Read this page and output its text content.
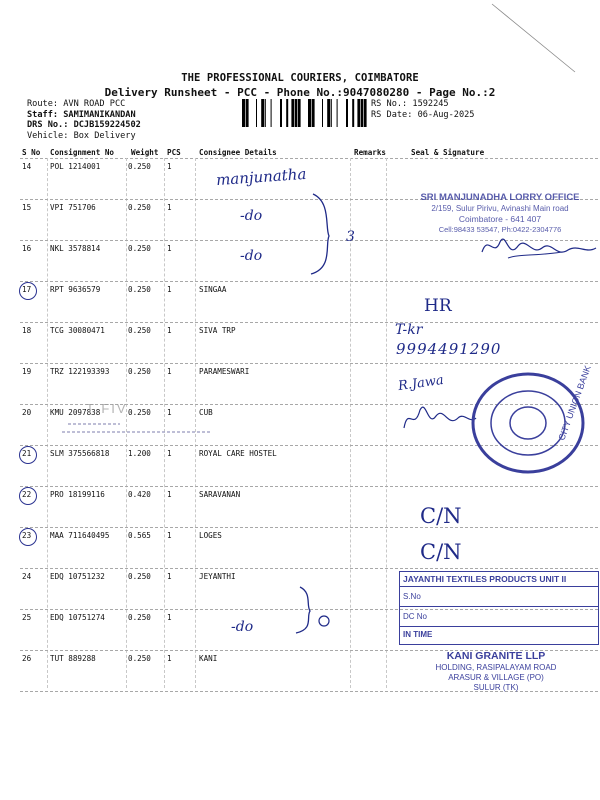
THE PROFESSIONAL COURIERS, COIMBATORE
Delivery Runsheet - PCC - Phone No.:9047080280 - Page No.:2
Route: AVN ROAD PCC
Staff: SAMIMANIKANDAN
DRS No.: DCJB159224502
Vehicle: Box Delivery
RS No.: 1592245
RS Date: 06-Aug-2025
S No Consignment No Weight PCS Consignee Details	Remarks	Seal & Signature
14 POL 1214001	0.250 1
15 VPI 751706	0.250 1
16 NKL 3578814	0.250 1
17 RPT 9636579	0.250 1	SINGAA
18 TCG 30080471	0.250 1	SIVA TRP
19 TRZ 122193393 0.250 1	PARAMESWARI
20 KMU 2097838	0.250 1	CUB
21 SLM 375566818 1.200 1	ROYAL CARE HOSTEL
22 PRO 18199116	0.420 1	SARAVANAN
23 MAA 711640495 0.565 1	LOGES
24 EDQ 10751232	0.250 1	JEYANTHI
25 EDQ 10751274	0.250 1
26 TUT 889288	0.250 1	KANI
manjunatha
-do
-do
3
SRI MANJUNADHA LORRY OFFICE
2/159, Sulur Pirivu, Avinashi Main road
Coimbatore - 641 407
Cell:98433 53547, Ph:0422-2304776
HR
T-kr
9994491290
R.Jawa	CITY UNION BANK
T FIV
C/N
C/N
-do
JAYANTHI TEXTILES PRODUCTS UNIT II
S.No
DC No
IN TIME
KANI GRANITE LLP
HOLDING, RASIPALAYAM ROAD
ARASUR & VILLAGE (PO)
SULUR (TK)
